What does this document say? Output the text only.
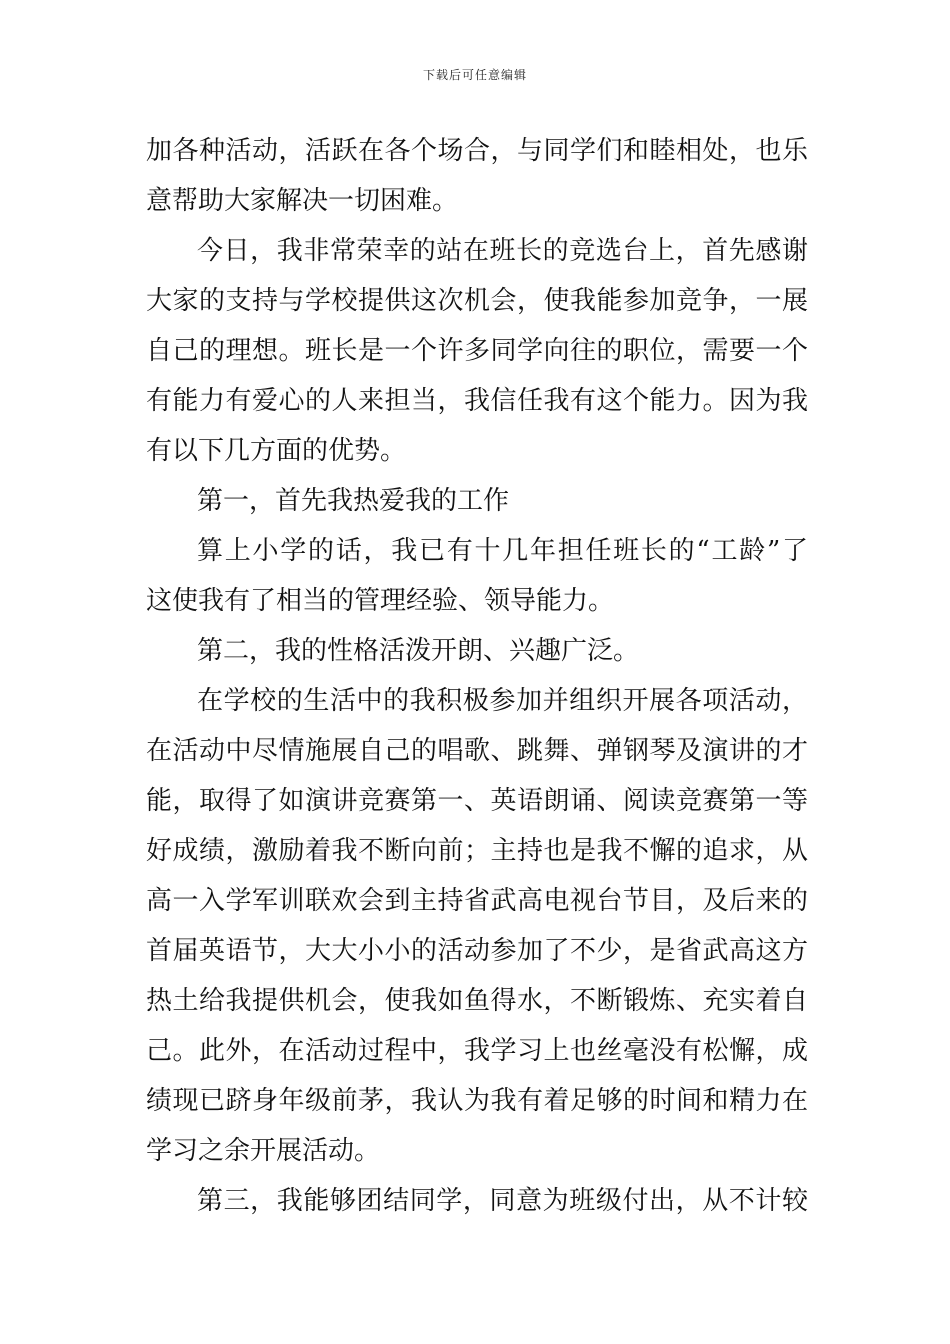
下载后可任意编辑
加各种活动，活跃在各个场合，与同学们和睦相处，也乐
意帮助大家解决一切困难。
今日，我非常荣幸的站在班长的竞选台上，首先感谢
大家的支持与学校提供这次机会，使我能参加竞争，一展
自己的理想。班长是一个许多同学向往的职位，需要一个
有能力有爱心的人来担当，我信任我有这个能力。因为我
有以下几方面的优势。
第一，首先我热爱我的工作
算上小学的话，我已有十几年担任班长的“工龄”了
这使我有了相当的管理经验、领导能力。
第二，我的性格活泼开朗、兴趣广泛。
在学校的生活中的我积极参加并组织开展各项活动，
在活动中尽情施展自己的唱歌、跳舞、弹钢琴及演讲的才
能，取得了如演讲竞赛第一、英语朗诵、阅读竞赛第一等
好成绩，激励着我不断向前；主持也是我不懈的追求，从
高一入学军训联欢会到主持省武高电视台节目，及后来的
首届英语节，大大小小的活动参加了不少，是省武高这方
热土给我提供机会，使我如鱼得水，不断锻炼、充实着自
己。此外，在活动过程中，我学习上也丝毫没有松懈，成
绩现已跻身年级前茅，我认为我有着足够的时间和精力在
学习之余开展活动。
第三，我能够团结同学，同意为班级付出，从不计较
